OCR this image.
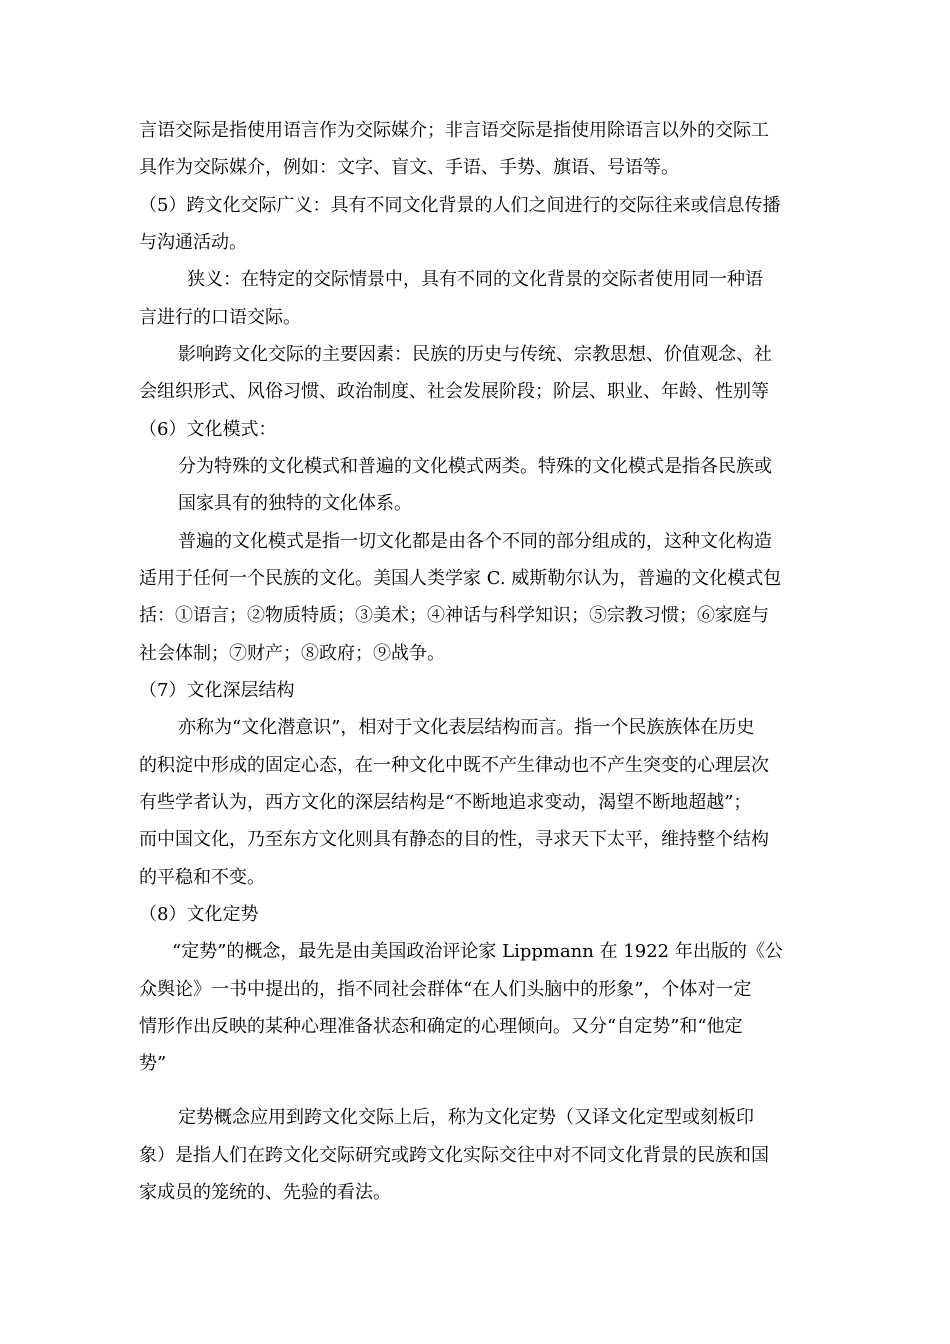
言语交际是指使用语言作为交际媒介；非言语交际是指使用除语言以外的交际工
具作为交际媒介，例如：文字、盲文、手语、手势、旗语、号语等。
（5）跨文化交际广义：具有不同文化背景的人们之间进行的交际往来或信息传播
与沟通活动。
狭义：在特定的交际情景中，具有不同的文化背景的交际者使用同一种语
言进行的口语交际。
影响跨文化交际的主要因素：民族的历史与传统、宗教思想、价值观念、社
会组织形式、风俗习惯、政治制度、社会发展阶段；阶层、职业、年龄、性别等
（6）文化模式：
分为特殊的文化模式和普遍的文化模式两类。特殊的文化模式是指各民族或
国家具有的独特的文化体系。
普遍的文化模式是指一切文化都是由各个不同的部分组成的，这种文化构造
适用于任何一个民族的文化。美国人类学家 C. 威斯勒尔认为，普遍的文化模式包
括：①语言；②物质特质；③美术；④神话与科学知识；⑤宗教习惯；⑥家庭与
社会体制；⑦财产；⑧政府；⑨战争。
（7）文化深层结构
亦称为“文化潜意识”，相对于文化表层结构而言。指一个民族族体在历史
的积淀中形成的固定心态，在一种文化中既不产生律动也不产生突变的心理层次
有些学者认为，西方文化的深层结构是“不断地追求变动，渴望不断地超越”；
而中国文化，乃至东方文化则具有静态的目的性，寻求天下太平，维持整个结构
的平稳和不变。
（8）文化定势
“定势”的概念，最先是由美国政治评论家 Lippmann 在 1922 年出版的《公
众舆论》一书中提出的，指不同社会群体“在人们头脑中的形象”，个体对一定
情形作出反映的某种心理准备状态和确定的心理倾向。又分“自定势”和“他定
势”
定势概念应用到跨文化交际上后，称为文化定势（又译文化定型或刻板印
象）是指人们在跨文化交际研究或跨文化实际交往中对不同文化背景的民族和国
家成员的笼统的、先验的看法。
